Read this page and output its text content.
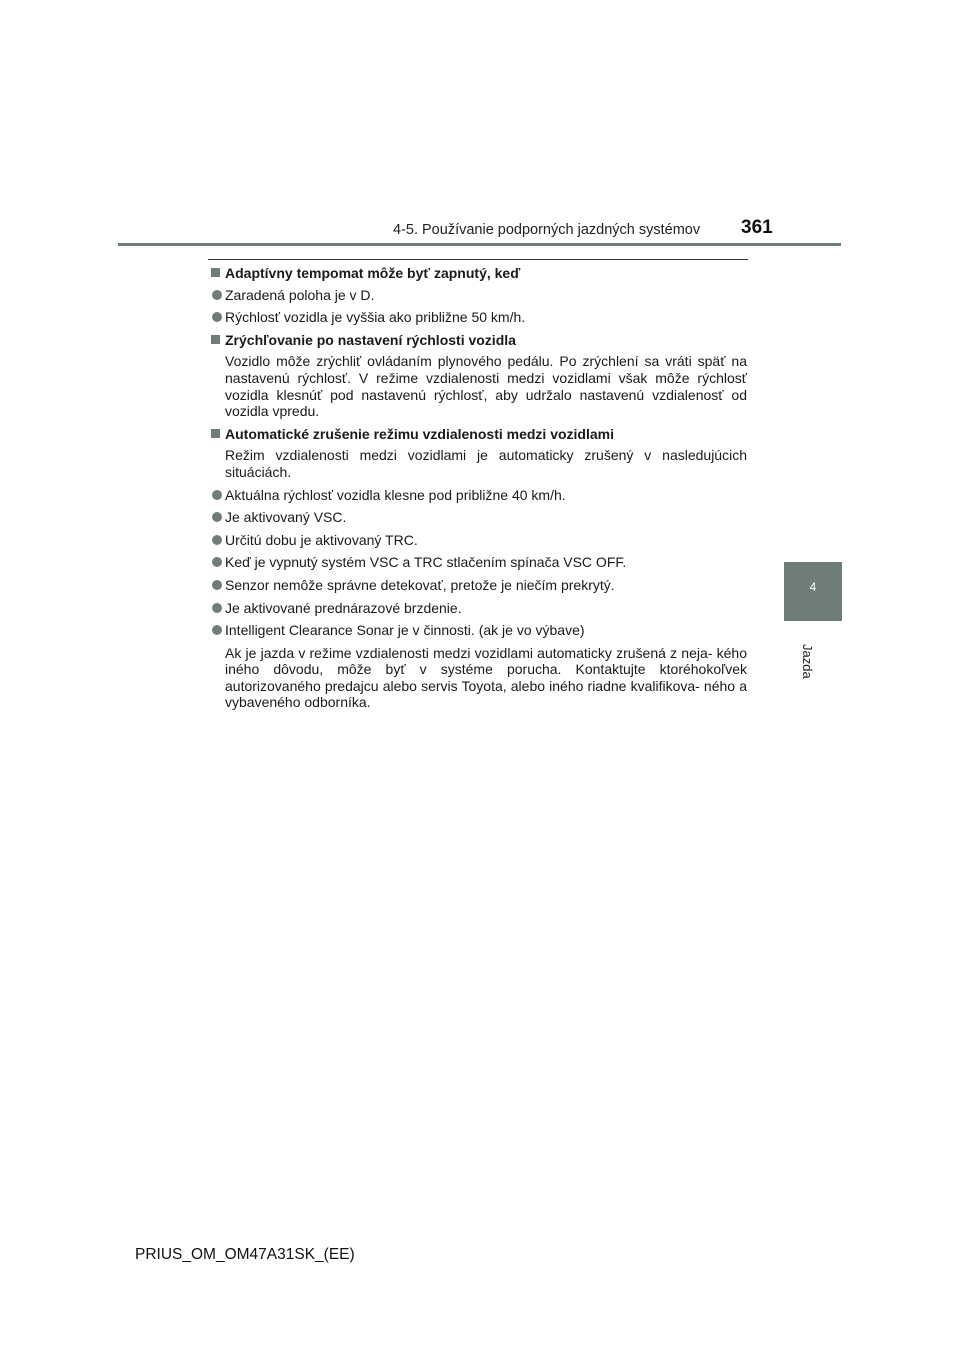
4-5. Používanie podporných jazdných systémov 361
4
Jazda
Adaptívny tempomat môže byť zapnutý, keď
Zaradená poloha je v D.
Rýchlosť vozidla je vyššia ako približne 50 km/h.
Zrýchľovanie po nastavení rýchlosti vozidla
Vozidlo môže zrýchliť ovládaním plynového pedálu. Po zrýchlení sa vráti späť na nastavenú rýchlosť. V režime vzdialenosti medzi vozidlami však môže rýchlosť vozidla klesnúť pod nastavenú rýchlosť, aby udržalo nastavenú vzdialenosť od vozidla vpredu.
Automatické zrušenie režimu vzdialenosti medzi vozidlami
Režim vzdialenosti medzi vozidlami je automaticky zrušený v nasledujúcich situáciách.
Aktuálna rýchlosť vozidla klesne pod približne 40 km/h.
Je aktivovaný VSC.
Určitú dobu je aktivovaný TRC.
Keď je vypnutý systém VSC a TRC stlačením spínača VSC OFF.
Senzor nemôže správne detekovať, pretože je niečím prekrytý.
Je aktivované prednárazové brzdenie.
Intelligent Clearance Sonar je v činnosti. (ak je vo výbave)
Ak je jazda v režime vzdialenosti medzi vozidlami automaticky zrušená z neja- kého iného dôvodu, môže byť v systéme porucha. Kontaktujte ktoréhokoľvek autorizovaného predajcu alebo servis Toyota, alebo iného riadne kvalifikova- ného a vybaveného odborníka.
PRIUS_OM_OM47A31SK_(EE)
